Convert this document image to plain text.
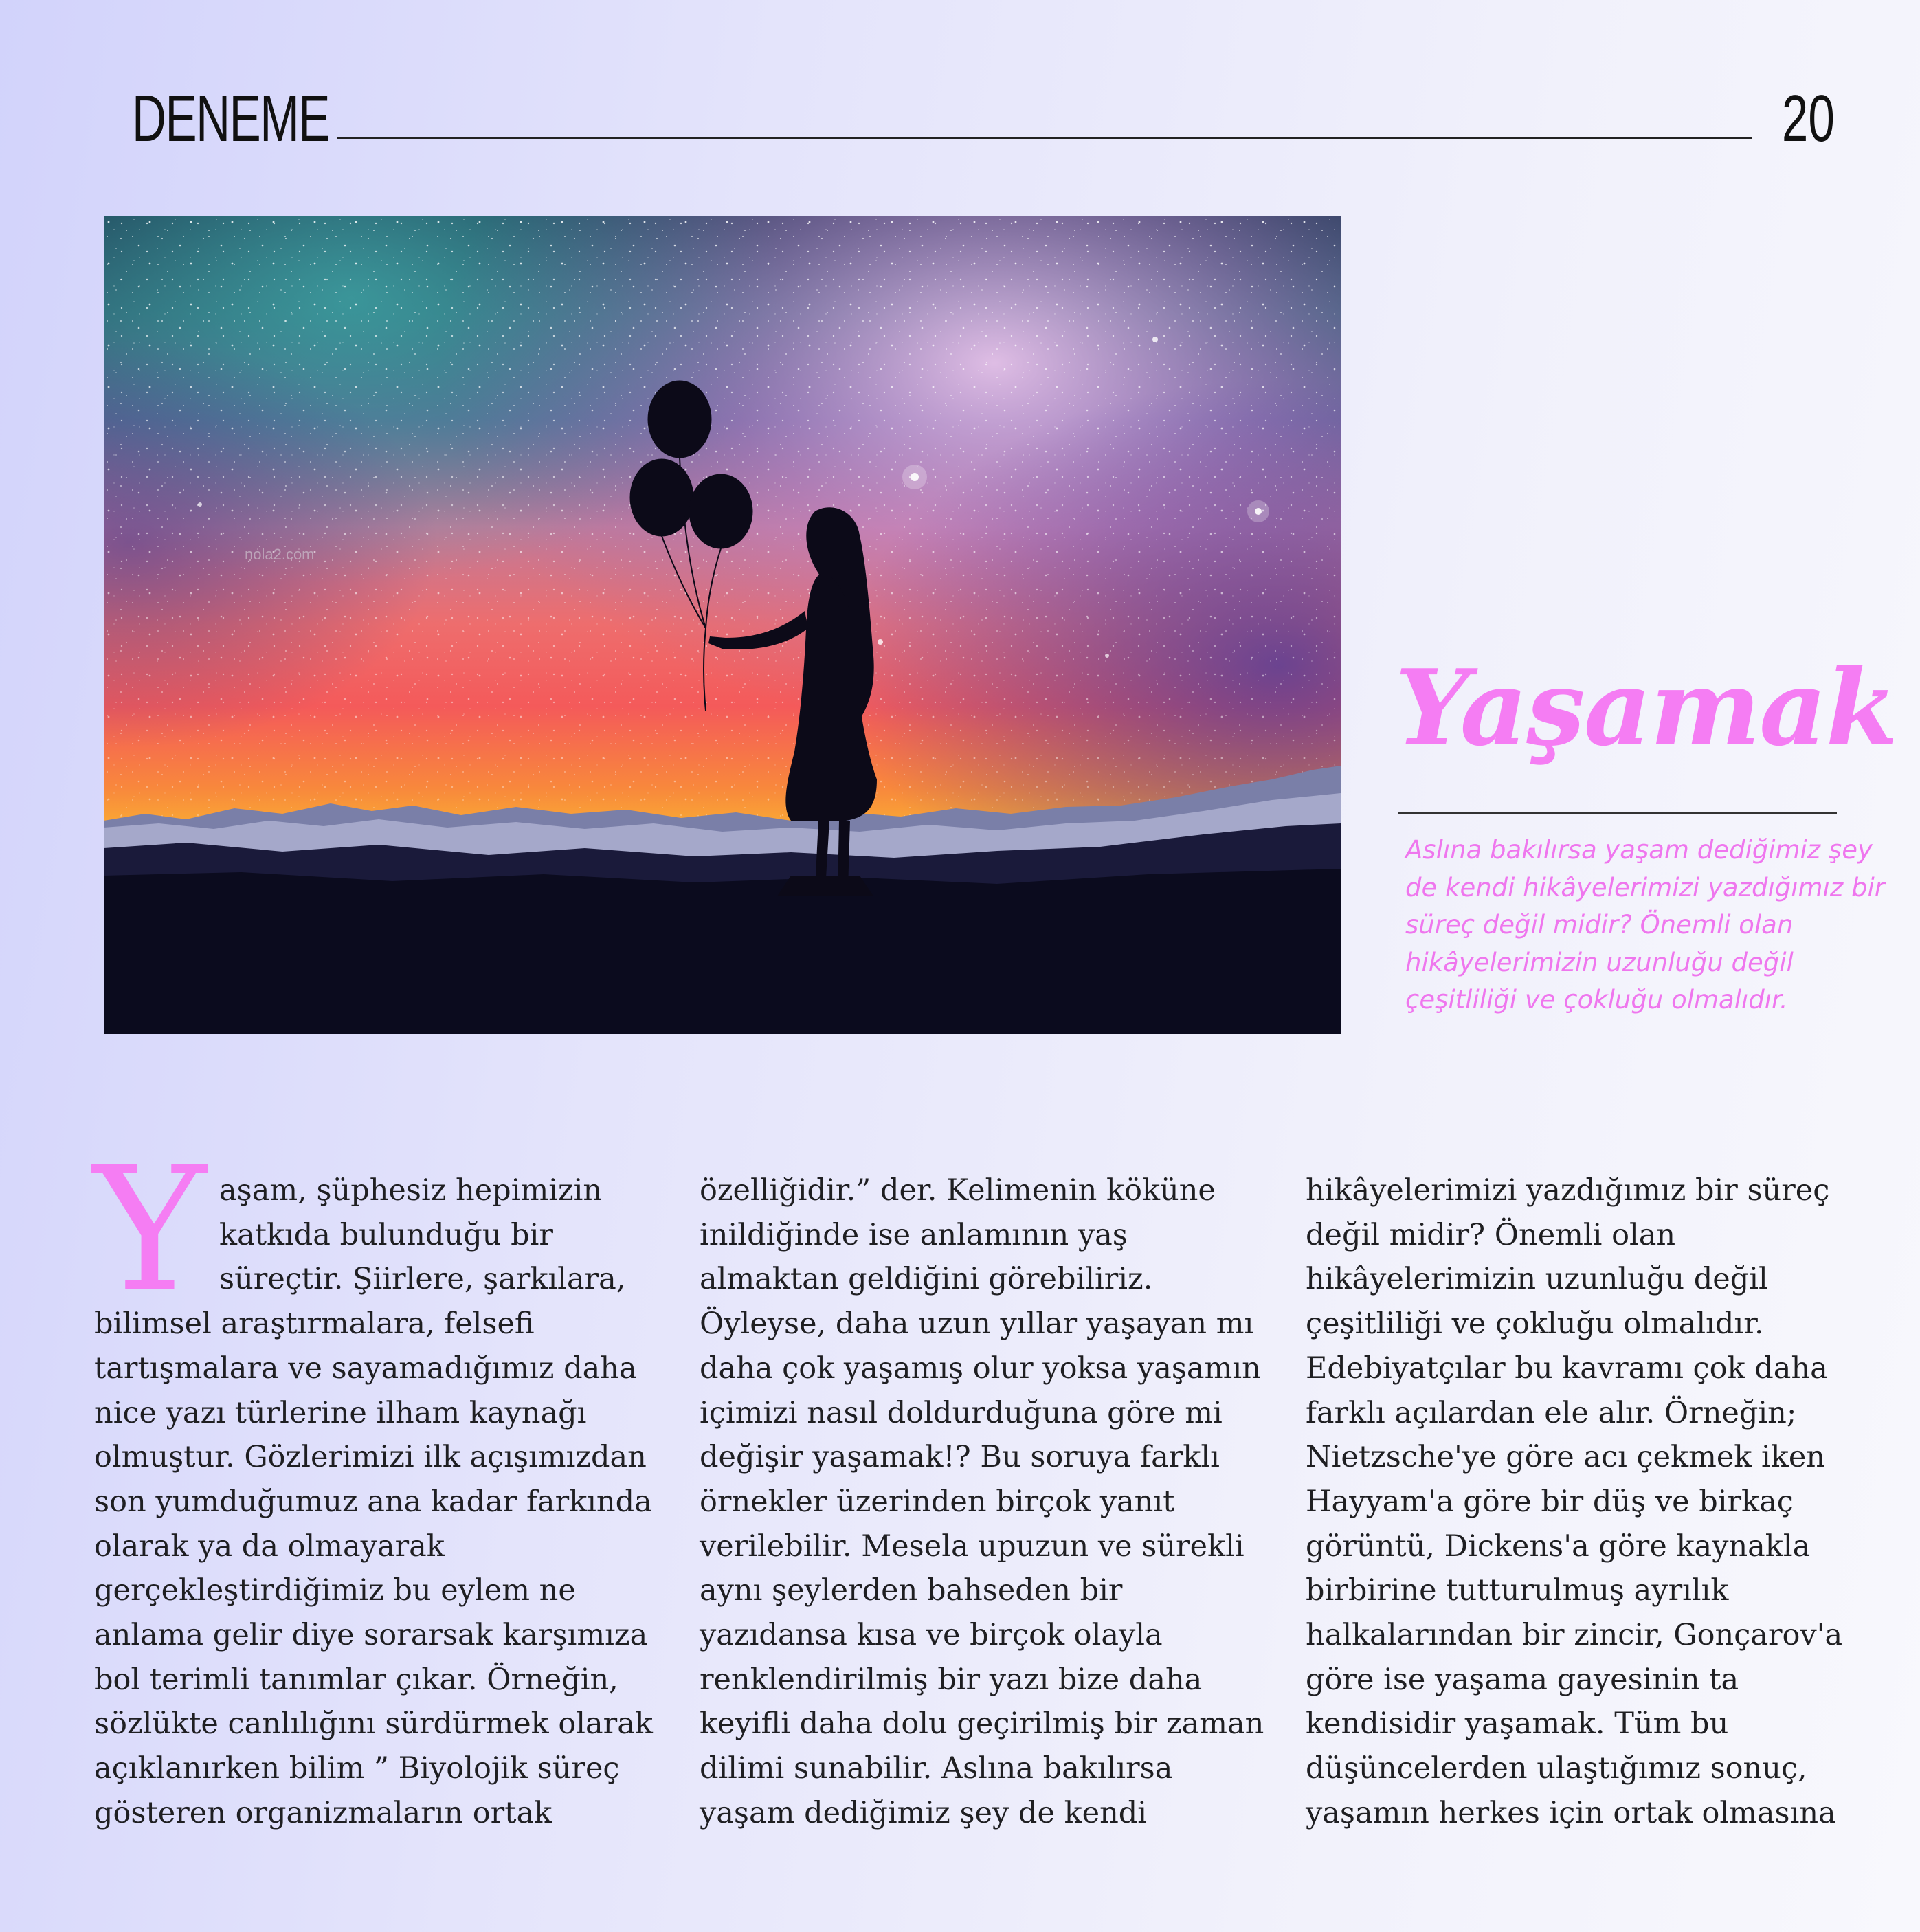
DENEME	20
nola2.com
Yaşamak
Aslına bakılırsa yaşam dediğimiz şey
de kendi hikâyelerimizi yazdığımız bir
süreç değil midir? Önemli olan
hikâyelerimizin uzunluğu değil
çeşitliliği ve çokluğu olmalıdır.
Y aşam, şüphesiz hepimizin
katkıda bulunduğu bir
süreçtir. Şiirlere, şarkılara,
bilimsel araştırmalara, felsefi
tartışmalara ve sayamadığımız daha
nice yazı türlerine ilham kaynağı
olmuştur. Gözlerimizi ilk açışımızdan
son yumduğumuz ana kadar farkında
olarak ya da olmayarak
gerçekleştirdiğimiz bu eylem ne
anlama gelir diye sorarsak karşımıza
bol terimli tanımlar çıkar. Örneğin,
sözlükte canlılığını sürdürmek olarak
açıklanırken bilim ” Biyolojik süreç
gösteren organizmaların ortak
özelliğidir.” der. Kelimenin köküne
inildiğinde ise anlamının yaş
almaktan geldiğini görebiliriz.
Öyleyse, daha uzun yıllar yaşayan mı
daha çok yaşamış olur yoksa yaşamın
içimizi nasıl doldurduğuna göre mi
değişir yaşamak!? Bu soruya farklı
örnekler üzerinden birçok yanıt
verilebilir. Mesela upuzun ve sürekli
aynı şeylerden bahseden bir
yazıdansa kısa ve birçok olayla
renklendirilmiş bir yazı bize daha
keyifli daha dolu geçirilmiş bir zaman
dilimi sunabilir. Aslına bakılırsa
yaşam dediğimiz şey de kendi
hikâyelerimizi yazdığımız bir süreç
değil midir? Önemli olan
hikâyelerimizin uzunluğu değil
çeşitliliği ve çokluğu olmalıdır.
Edebiyatçılar bu kavramı çok daha
farklı açılardan ele alır. Örneğin;
Nietzsche'ye göre acı çekmek iken
Hayyam'a göre bir düş ve birkaç
görüntü, Dickens'a göre kaynakla
birbirine tutturulmuş ayrılık
halkalarından bir zincir, Gonçarov'a
göre ise yaşama gayesinin ta
kendisidir yaşamak. Tüm bu
düşüncelerden ulaştığımız sonuç,
yaşamın herkes için ortak olmasına
